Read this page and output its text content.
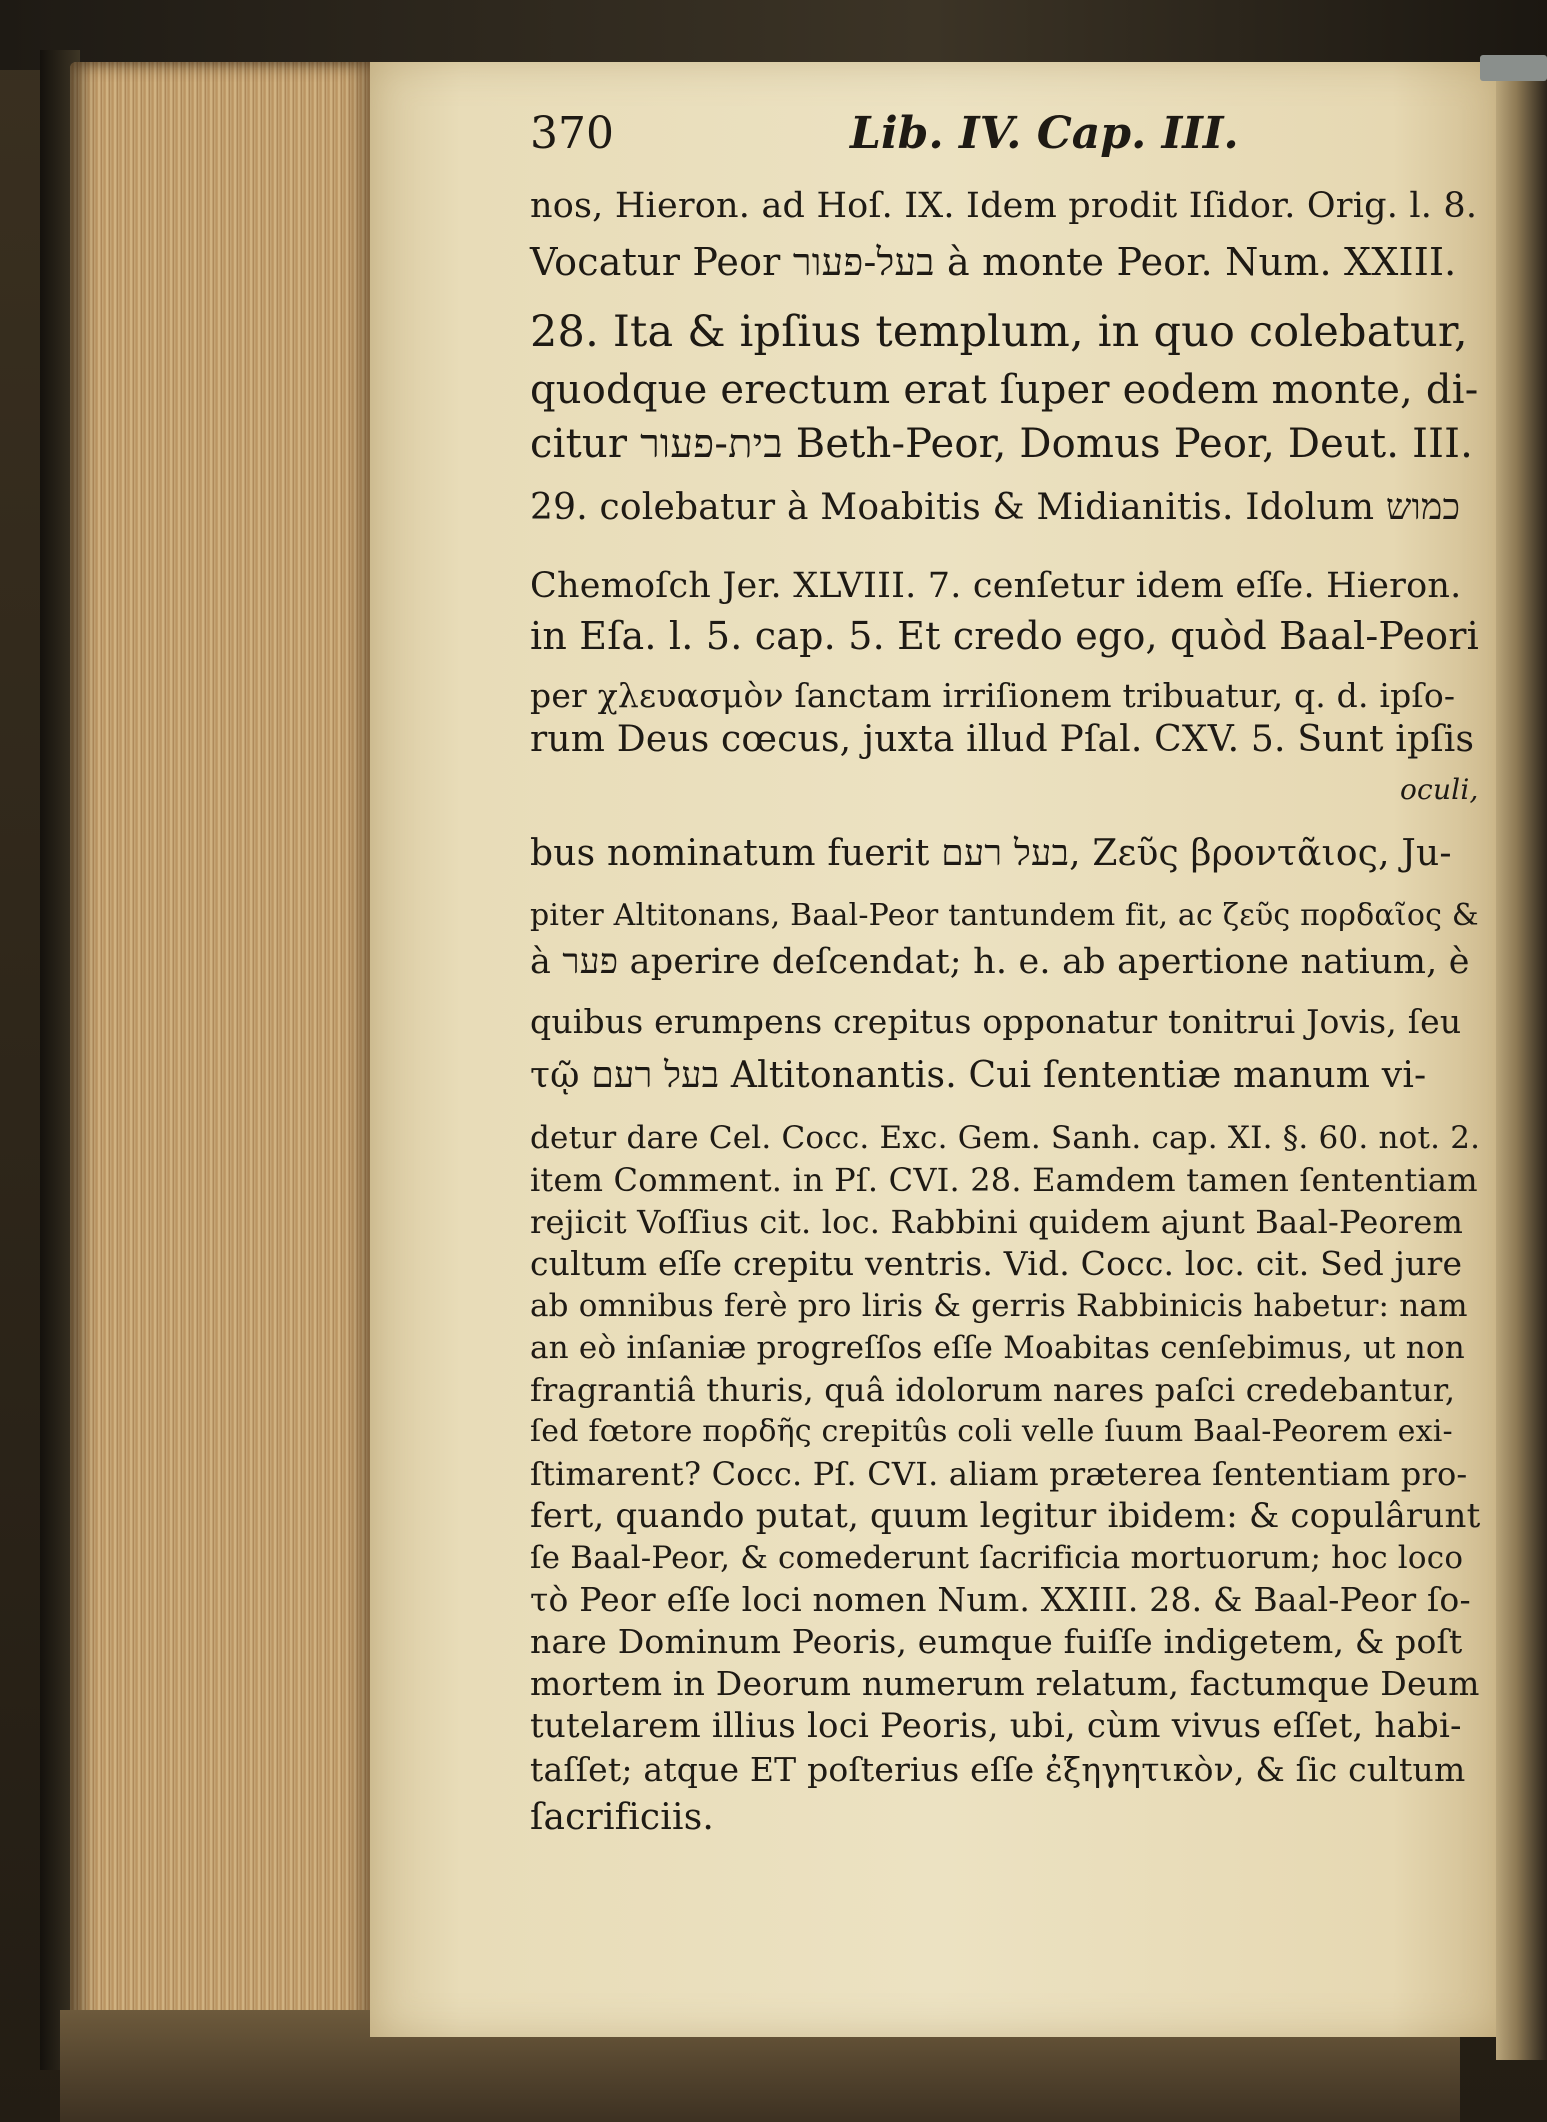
370	Lib. IV. Cap. III.
nos, Hieron. ad Hoſ. IX. Idem prodit Iſidor. Orig. l. 8.
Vocatur Peor בעל-פעור à monte Peor. Num. XXIII.
28. Ita & ipſius templum, in quo colebatur,
quodque erectum erat ſuper eodem monte, di-
citur בית-פעור Beth-Peor, Domus Peor, Deut. III.
29. colebatur à Moabitis & Midianitis. Idolum כמוש
Chemoſch Jer. XLVIII. 7. cenſetur idem eſſe. Hieron.
in Eſa. l. 5. cap. 5. Et credo ego, quòd Baal-Peori
per χλευασμὸν ſanctam irriſionem tribuatur, q. d. ipſo-
rum Deus cœcus, juxta illud Pſal. CXV. 5. Sunt ipſis
oculi,
bus nominatum fuerit בעל רעם, Ζεῦς βροντᾶιος, Ju-
piter Altitonans, Baal-Peor tantundem fit, ac ζεῦς πορδαῖος &
à פער aperire deſcendat; h. e. ab apertione natium, è
quibus erumpens crepitus opponatur tonitrui Jovis, ſeu
τῷ בעל רעם Altitonantis. Cui ſententiæ manum vi-
detur dare Cel. Cocc. Exc. Gem. Sanh. cap. XI. §. 60. not. 2.
item Comment. in Pſ. CVI. 28. Eamdem tamen ſententiam
rejicit Voſſius cit. loc. Rabbini quidem ajunt Baal-Peorem
cultum eſſe crepitu ventris. Vid. Cocc. loc. cit. Sed jure
ab omnibus ferè pro liris & gerris Rabbinicis habetur: nam
an eò inſaniæ progreſſos eſſe Moabitas cenſebimus, ut non
fragrantiâ thuris, quâ idolorum nares paſci credebantur,
ſed fœtore πορδῆς crepitûs coli velle ſuum Baal-Peorem exi-
ſtimarent? Cocc. Pſ. CVI. aliam præterea ſententiam pro-
fert, quando putat, quum legitur ibidem: & copulârunt
ſe Baal-Peor, & comederunt ſacrificia mortuorum; hoc loco
τὸ Peor eſſe loci nomen Num. XXIII. 28. & Baal-Peor ſo-
nare Dominum Peoris, eumque fuiſſe indigetem, & poſt
mortem in Deorum numerum relatum, factumque Deum
tutelarem illius loci Peoris, ubi, cùm vivus eſſet, habi-
taſſet; atque ET poſterius eſſe ἐξηγητικὸν, & ſic cultum
ſacrificiis.
